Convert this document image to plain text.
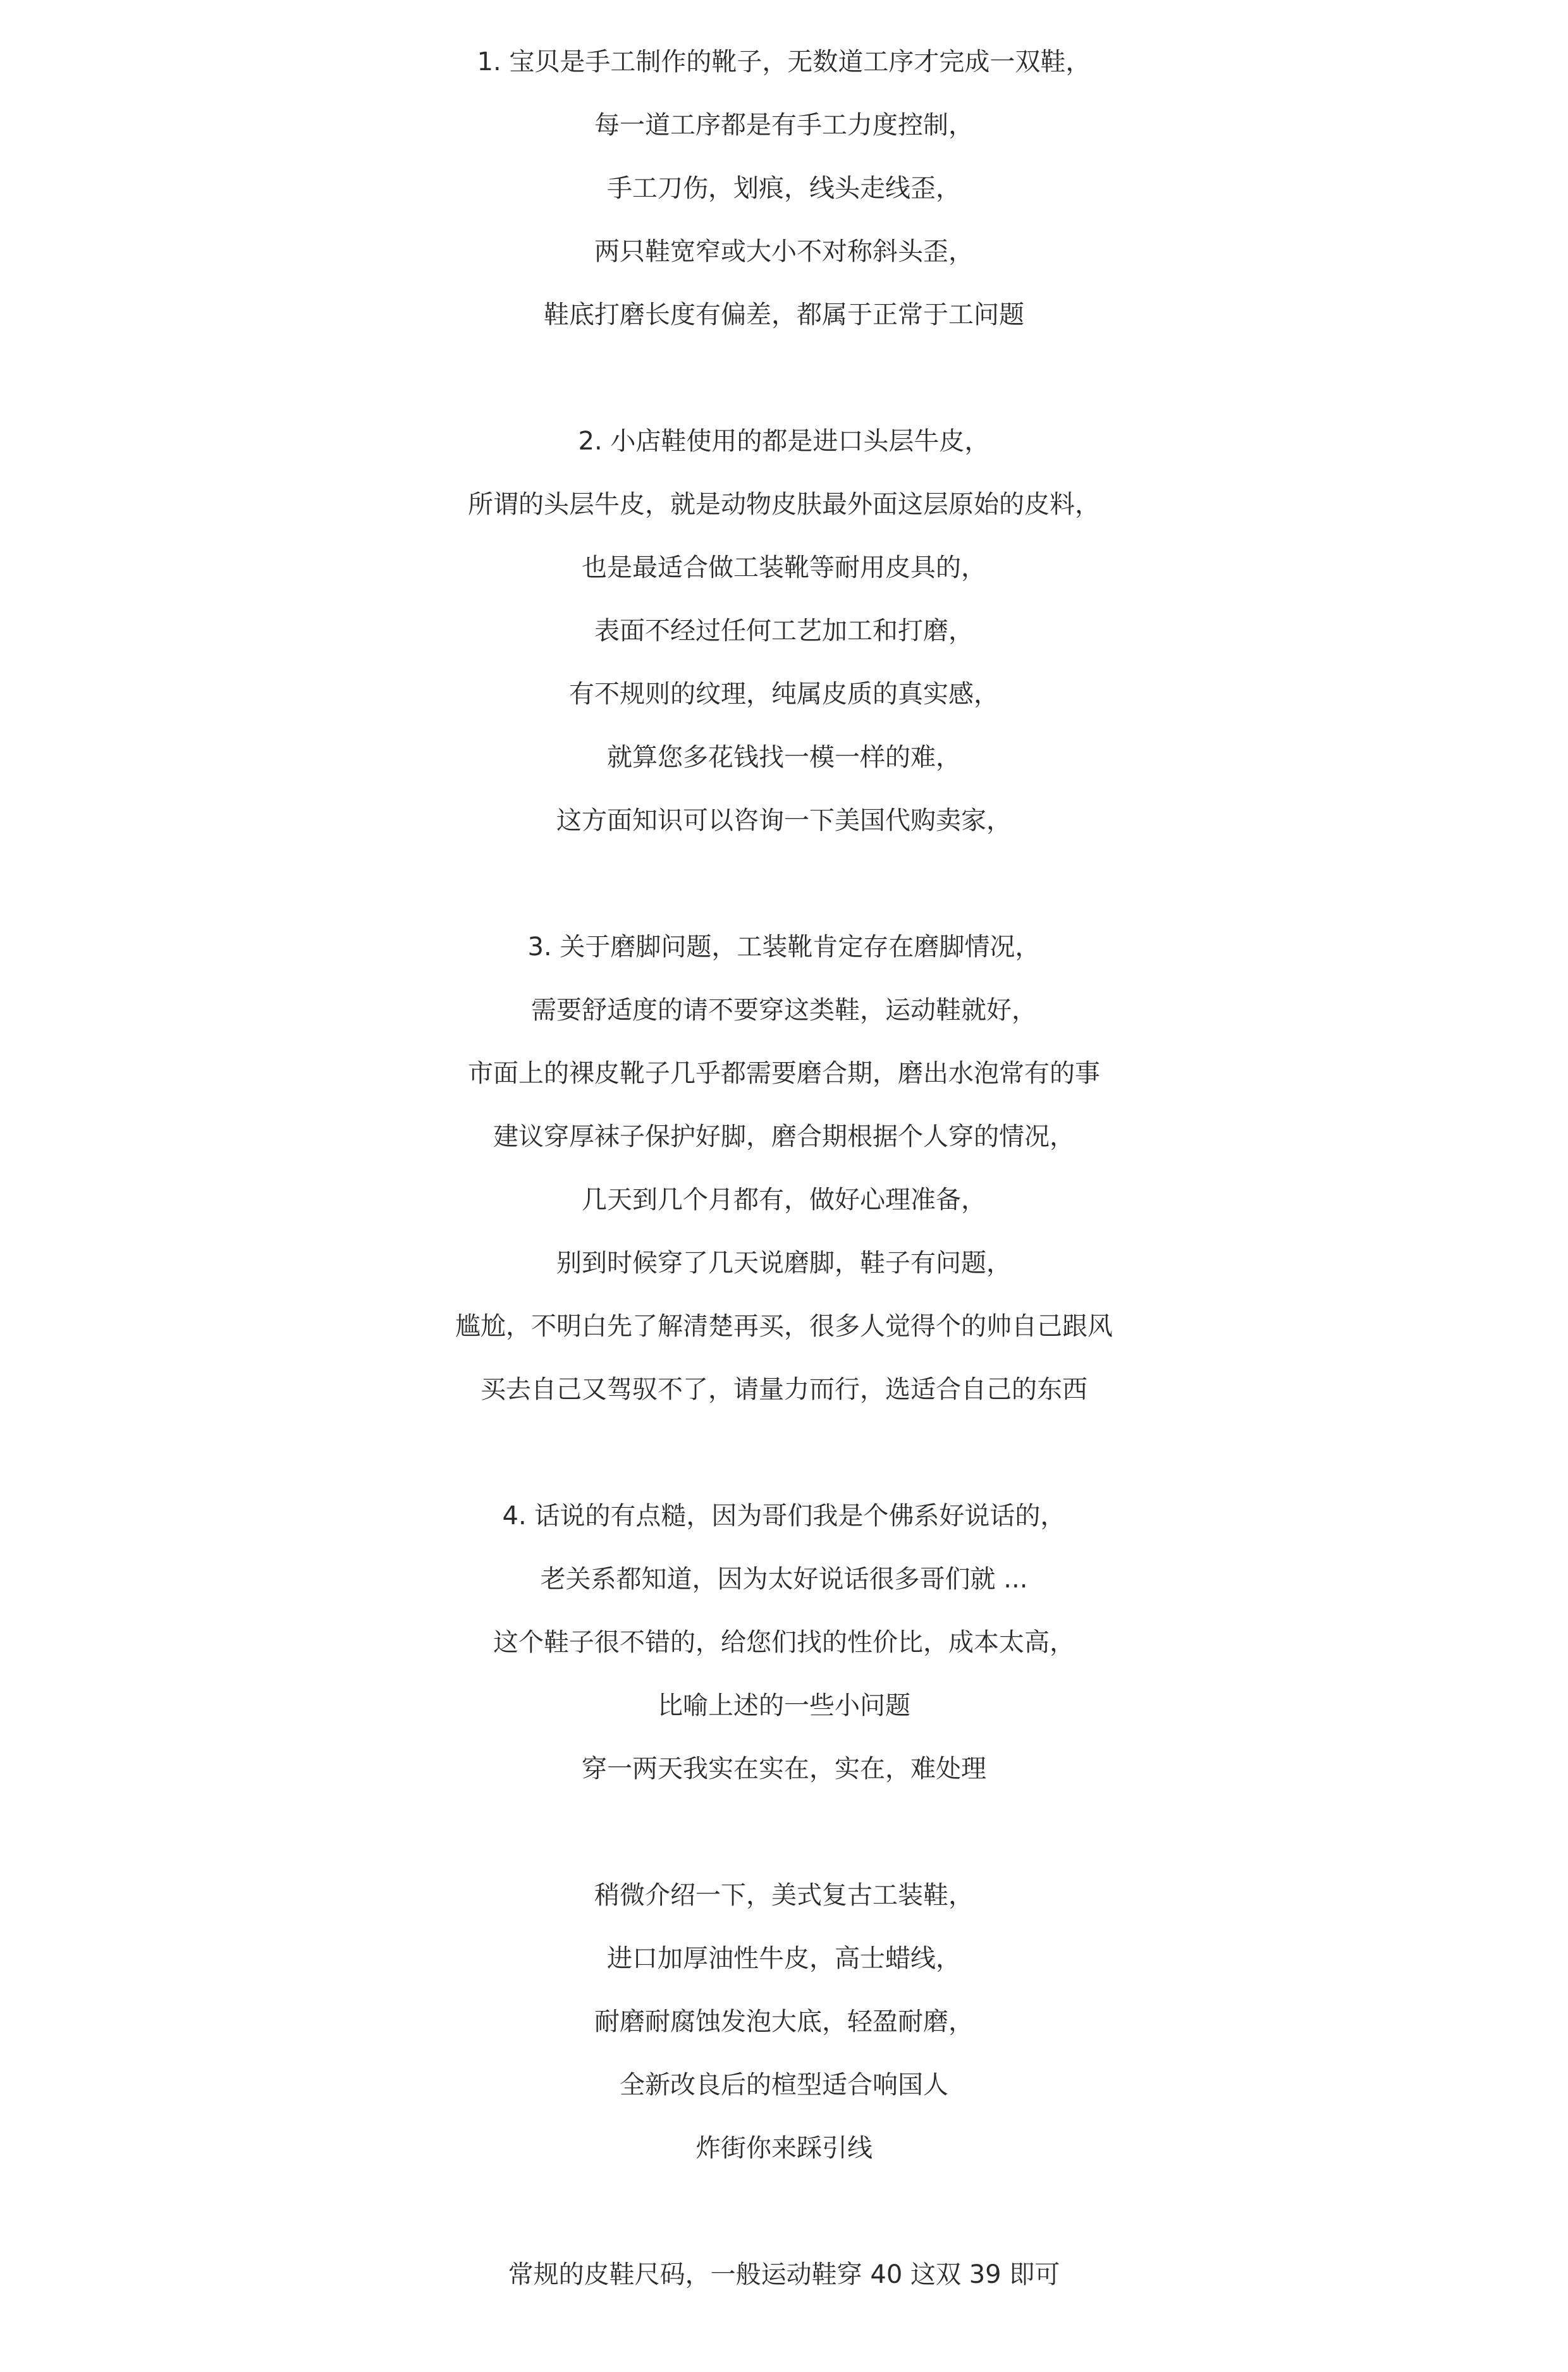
1. 宝贝是手工制作的靴子，无数道工序才完成一双鞋，
每一道工序都是有手工力度控制，
手工刀伤，划痕，线头走线歪，
两只鞋宽窄或大小不对称斜头歪，
鞋底打磨长度有偏差，都属于正常于工问题
2. 小店鞋使用的都是进口头层牛皮，
所谓的头层牛皮，就是动物皮肤最外面这层原始的皮料，
也是最适合做工装靴等耐用皮具的，
表面不经过任何工艺加工和打磨，
有不规则的纹理，纯属皮质的真实感，
就算您多花钱找一模一样的难，
这方面知识可以咨询一下美国代购卖家，
3. 关于磨脚问题，工装靴肯定存在磨脚情况，
需要舒适度的请不要穿这类鞋，运动鞋就好，
市面上的裸皮靴子几乎都需要磨合期，磨出水泡常有的事
建议穿厚袜子保护好脚，磨合期根据个人穿的情况，
几天到几个月都有，做好心理准备，
别到时候穿了几天说磨脚，鞋子有问题，
尴尬，不明白先了解清楚再买，很多人觉得个的帅自己跟风
买去自己又驾驭不了，请量力而行，选适合自己的东西
4. 话说的有点糙，因为哥们我是个佛系好说话的，
老关系都知道，因为太好说话很多哥们就 ...
这个鞋子很不错的，给您们找的性价比，成本太高，
比喻上述的一些小问题
穿一两天我实在实在，实在，难处理
稍微介绍一下，美式复古工装鞋，
进口加厚油性牛皮，高士蜡线，
耐磨耐腐蚀发泡大底，轻盈耐磨，
全新改良后的楦型适合响国人
炸街你来踩引线
常规的皮鞋尺码，一般运动鞋穿 40 这双 39 即可
